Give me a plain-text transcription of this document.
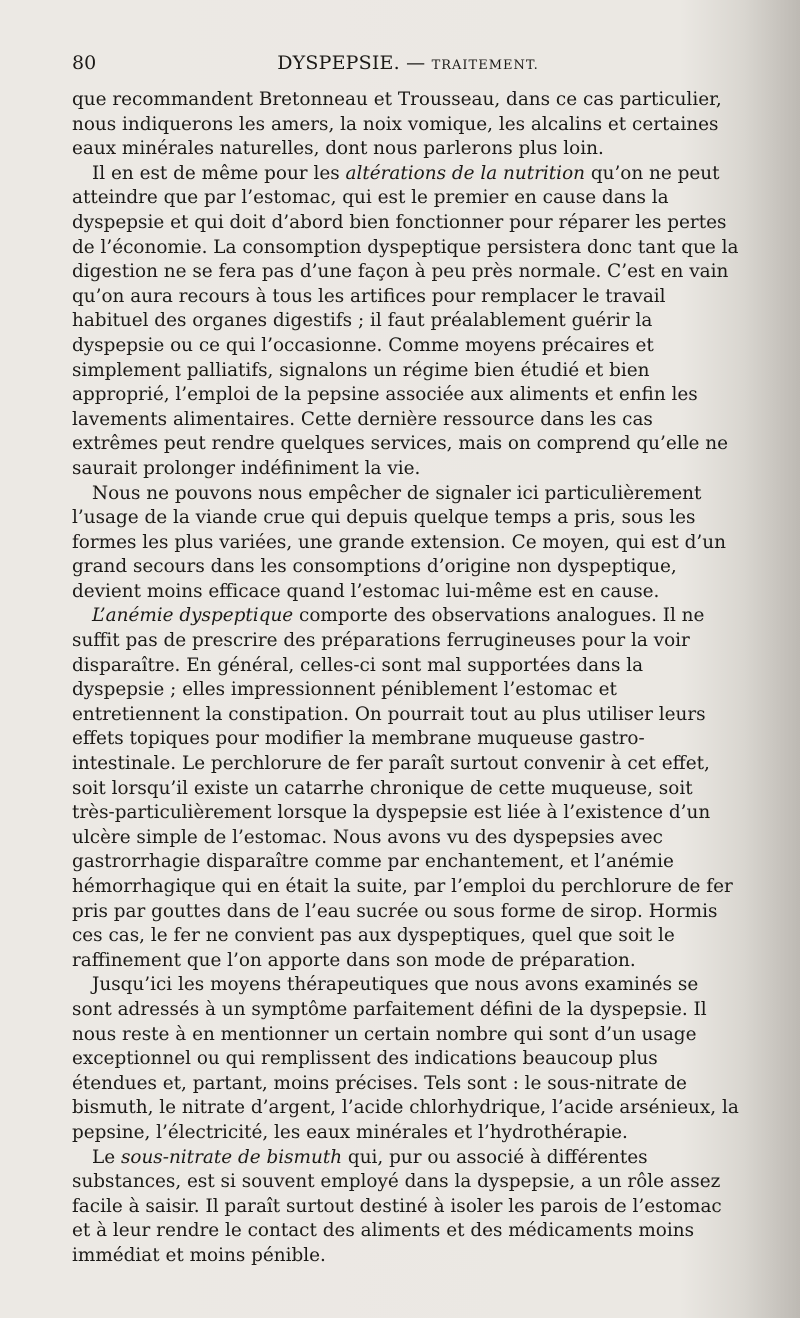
80	DYSPEPSIE. — TRAITEMENT.

que recommandent Bretonneau et Trousseau, dans ce cas particulier, nous indiquerons les amers, la noix vomique, les alcalins et certaines eaux minérales naturelles, dont nous parlerons plus loin.

Il en est de même pour les altérations de la nutrition qu’on ne peut atteindre que par l’estomac, qui est le premier en cause dans la dyspepsie et qui doit d’abord bien fonctionner pour réparer les pertes de l’économie. La consomption dyspeptique persistera donc tant que la digestion ne se fera pas d’une façon à peu près normale. C’est en vain qu’on aura recours à tous les artifices pour remplacer le travail habituel des organes digestifs ; il faut préalablement guérir la dyspepsie ou ce qui l’occasionne. Comme moyens précaires et simplement palliatifs, signalons un régime bien étudié et bien approprié, l’emploi de la pepsine associée aux aliments et enfin les lavements alimentaires. Cette dernière ressource dans les cas extrêmes peut rendre quelques services, mais on comprend qu’elle ne saurait prolonger indéfiniment la vie.

Nous ne pouvons nous empêcher de signaler ici particulièrement l’usage de la viande crue qui depuis quelque temps a pris, sous les formes les plus variées, une grande extension. Ce moyen, qui est d’un grand secours dans les consomptions d’origine non dyspeptique, devient moins efficace quand l’estomac lui-même est en cause.

L’anémie dyspeptique comporte des observations analogues. Il ne suffit pas de prescrire des préparations ferrugineuses pour la voir disparaître. En général, celles-ci sont mal supportées dans la dyspepsie ; elles impressionnent péniblement l’estomac et entretiennent la constipation. On pourrait tout au plus utiliser leurs effets topiques pour modifier la membrane muqueuse gastro-intestinale. Le perchlorure de fer paraît surtout convenir à cet effet, soit lorsqu’il existe un catarrhe chronique de cette muqueuse, soit très-particulièrement lorsque la dyspepsie est liée à l’existence d’un ulcère simple de l’estomac. Nous avons vu des dyspepsies avec gastrorrhagie disparaître comme par enchantement, et l’anémie hémorrhagique qui en était la suite, par l’emploi du perchlorure de fer pris par gouttes dans de l’eau sucrée ou sous forme de sirop. Hormis ces cas, le fer ne convient pas aux dyspeptiques, quel que soit le raffinement que l’on apporte dans son mode de préparation.

Jusqu’ici les moyens thérapeutiques que nous avons examinés se sont adressés à un symptôme parfaitement défini de la dyspepsie. Il nous reste à en mentionner un certain nombre qui sont d’un usage exceptionnel ou qui remplissent des indications beaucoup plus étendues et, partant, moins précises. Tels sont : le sous-nitrate de bismuth, le nitrate d’argent, l’acide chlorhydrique, l’acide arsénieux, la pepsine, l’électricité, les eaux minérales et l’hydrothérapie.

Le sous-nitrate de bismuth qui, pur ou associé à différentes substances, est si souvent employé dans la dyspepsie, a un rôle assez facile à saisir. Il paraît surtout destiné à isoler les parois de l’estomac et à leur rendre le contact des aliments et des médicaments moins immédiat et moins pénible.
